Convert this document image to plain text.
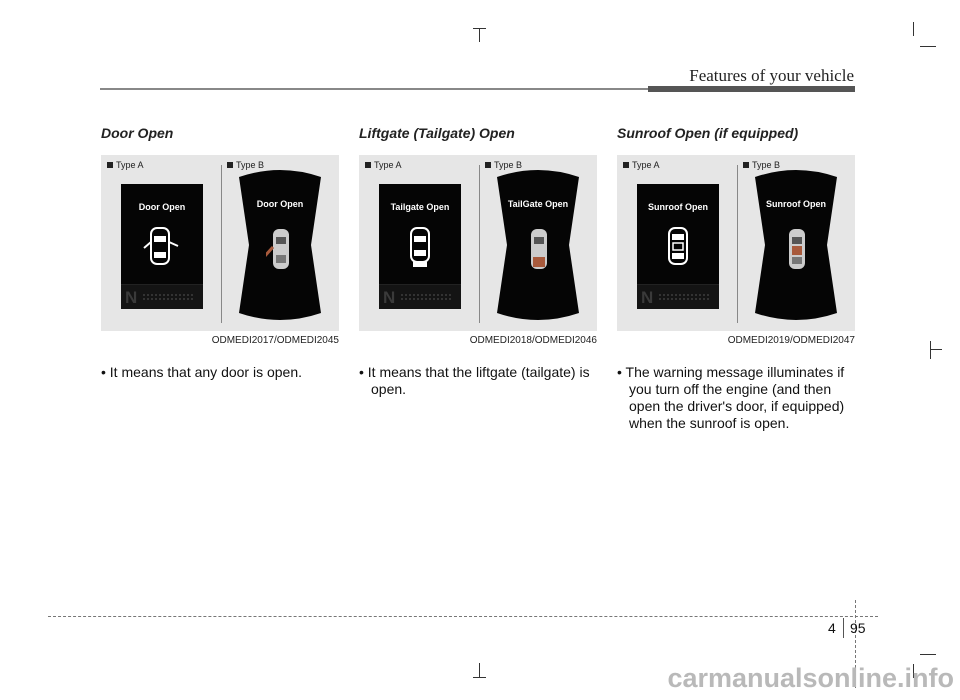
Features of your vehicle
Door Open
Type A	Type B
Door Open
N
Door Open
ODMEDI2017/ODMEDI2045
• It means that any door is open.
Liftgate (Tailgate) Open
Type A	Type B
Tailgate Open
N
TailGate Open
ODMEDI2018/ODMEDI2046
• It means that the liftgate (tailgate) is open.
Sunroof Open (if equipped)
Type A	Type B
Sunroof Open
N
Sunroof Open
ODMEDI2019/ODMEDI2047
• The warning message illuminates if you turn off the engine (and then open the driver's door, if equipped) when the sunroof is open.
4 95
carmanualsonline.info
